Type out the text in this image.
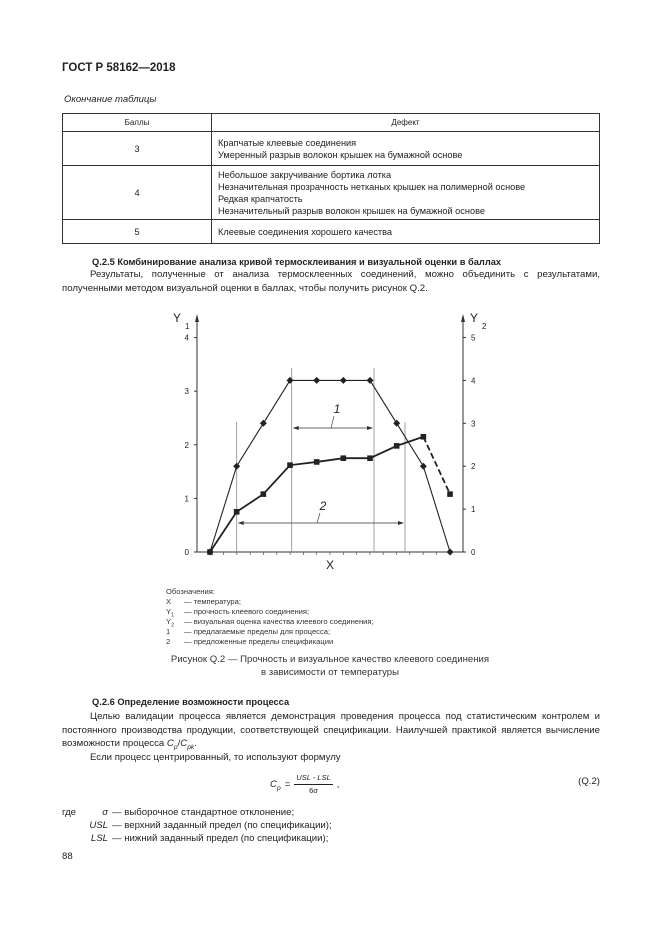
ГОСТ Р 58162—2018
Окончание таблицы
Баллы	Дефект
3	Крапчатые клеевые соединения
Умеренный разрыв волокон крышек на бумажной основе

4	Небольшое закручивание бортика лотка
Незначительная прозрачность нетканых крышек на полимерной основе
Редкая крапчатость
Незначительный разрыв волокон крышек на бумажной основе

5	Клеевые соединения хорошего качества
Q.2.5 Комбинирование анализа кривой термосклеивания и визуальной оценки в баллах
Результаты, полученные от анализа термосклеенных соединений, можно объединить с результатами, полученными методом визуальной оценки в баллах, чтобы получить рисунок Q.2.
0
1
2
3
4
0
1
2
3
4
5
Y
1
Y
2
X
1
2
Обозначения:
X — температура;
$Y_1$ — прочность клеевого соединения;
$Y_2$ — визуальная оценка качества клеевого соединения;
1 — предлагаемые пределы для процесса;
2 — предложенные пределы спецификации
Рисунок Q.2 — Прочность и визуальное качество клеевого соединения
в зависимости от температуры
Q.2.6 Определение возможности процесса
Целью валидации процесса является демонстрация проведения процесса под статистическим контролем и постоянного производства продукции, соответствующей спецификации. Наилучшей практикой является вычисление возможности процесса $C_p/C_{pk}$.
Если процесс центрированный, то используют формулу
$C_p$ =
USL - LSL
6σ
,	(Q.2)
где	σ — выборочное стандартное отклонение;
USL — верхний заданный предел (по спецификации);
LSL — нижний заданный предел (по спецификации);
88
